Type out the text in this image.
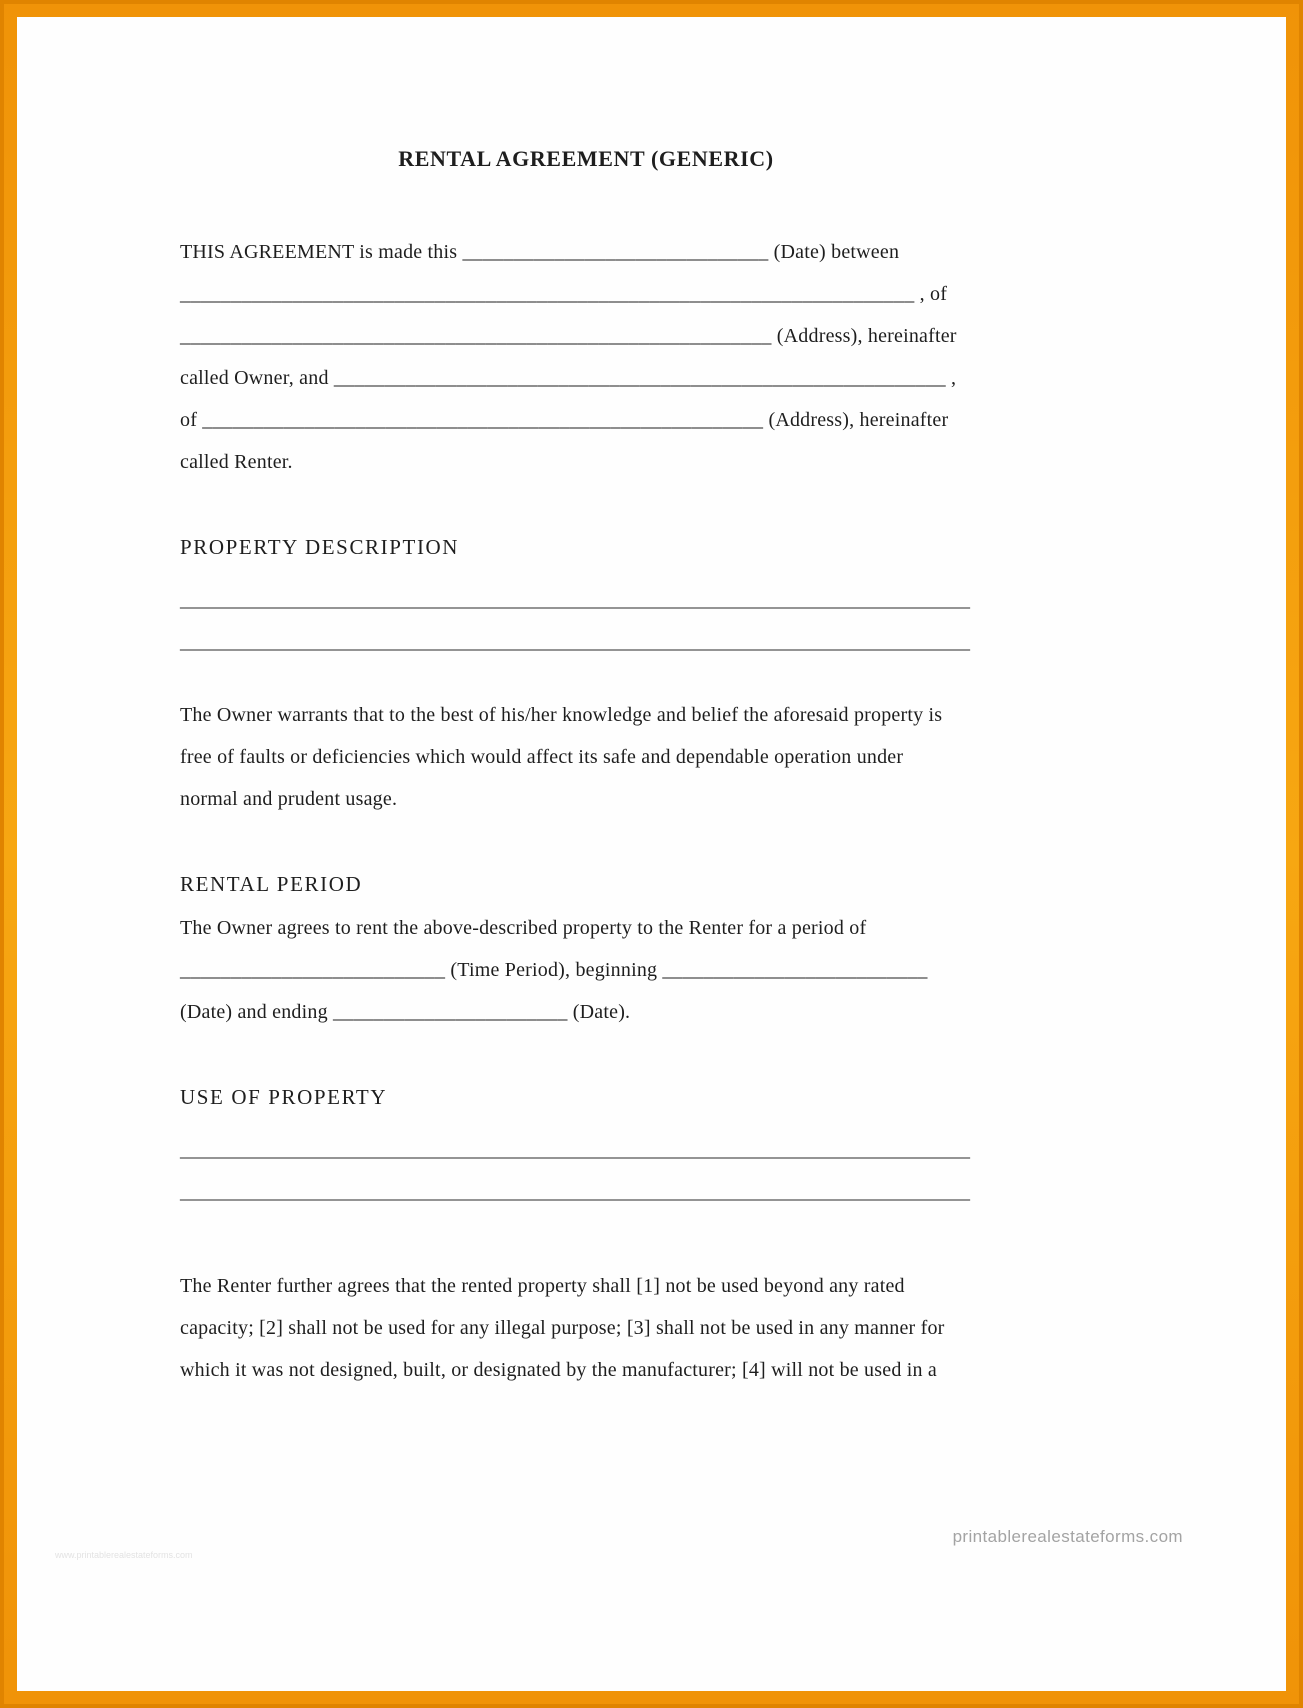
RENTAL AGREEMENT (GENERIC)
THIS AGREEMENT is made this ______________________________ (Date) between
________________________________________________________________________ , of
__________________________________________________________ (Address), hereinafter
called Owner, and ____________________________________________________________ ,
of _______________________________________________________ (Address), hereinafter
called Renter.
PROPERTY DESCRIPTION
_______________________________________________________________________________
_______________________________________________________________________________
The Owner warrants that to the best of his/her knowledge and belief the aforesaid property is
free of faults or deficiencies which would affect its safe and dependable operation under
normal and prudent usage.
RENTAL PERIOD
The Owner agrees to rent the above-described property to the Renter for a period of
__________________________ (Time Period), beginning __________________________
(Date) and ending _______________________ (Date).
USE OF PROPERTY
_______________________________________________________________________________
_______________________________________________________________________________
The Renter further agrees that the rented property shall [1] not be used beyond any rated
capacity; [2] shall not be used for any illegal purpose; [3] shall not be used in any manner for
which it was not designed, built, or designated by the manufacturer; [4] will not be used in a
www.printablerealestateforms.com
printablerealestateforms.com
